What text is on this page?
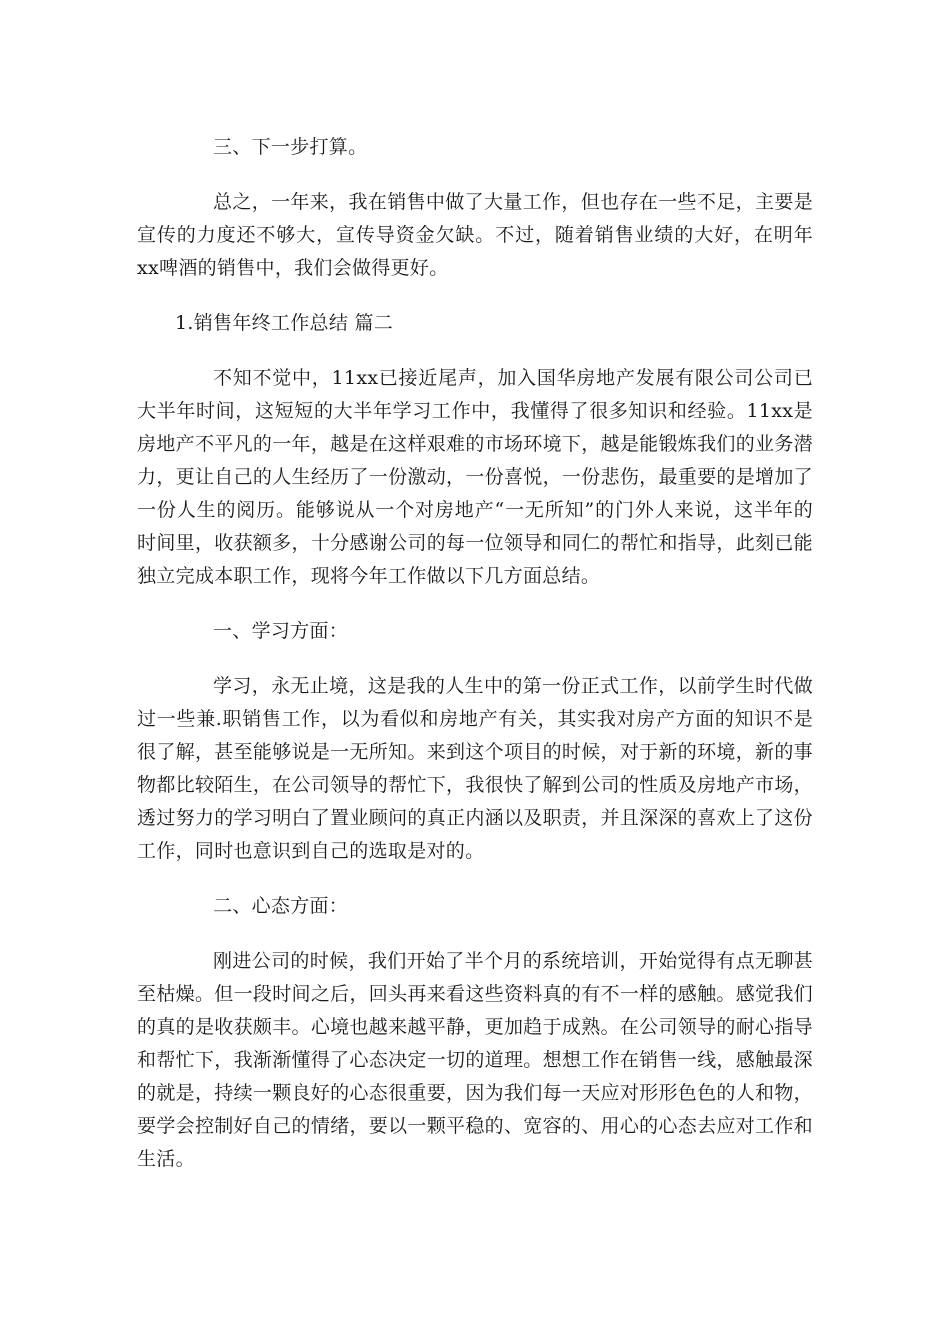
三、下一步打算。

总之，一年来，我在销售中做了大量工作，但也存在一些不足，主要是宣传的力度还不够大，宣传导资金欠缺。不过，随着销售业绩的大好，在明年xx啤酒的销售中，我们会做得更好。

1.销售年终工作总结 篇二

不知不觉中，11xx已接近尾声，加入国华房地产发展有限公司公司已大半年时间，这短短的大半年学习工作中，我懂得了很多知识和经验。11xx是房地产不平凡的一年，越是在这样艰难的市场环境下，越是能锻炼我们的业务潜力，更让自己的人生经历了一份激动，一份喜悦，一份悲伤，最重要的是增加了一份人生的阅历。能够说从一个对房地产“一无所知”的门外人来说，这半年的时间里，收获额多，十分感谢公司的每一位领导和同仁的帮忙和指导，此刻已能独立完成本职工作，现将今年工作做以下几方面总结。

一、学习方面：

学习，永无止境，这是我的人生中的第一份正式工作，以前学生时代做过一些兼.职销售工作，以为看似和房地产有关，其实我对房产方面的知识不是很了解，甚至能够说是一无所知。来到这个项目的时候，对于新的环境，新的事物都比较陌生，在公司领导的帮忙下，我很快了解到公司的性质及房地产市场，透过努力的学习明白了置业顾问的真正内涵以及职责，并且深深的喜欢上了这份工作，同时也意识到自己的选取是对的。

二、心态方面：

刚进公司的时候，我们开始了半个月的系统培训，开始觉得有点无聊甚至枯燥。但一段时间之后，回头再来看这些资料真的有不一样的感触。感觉我们的真的是收获颇丰。心境也越来越平静，更加趋于成熟。在公司领导的耐心指导和帮忙下，我渐渐懂得了心态决定一切的道理。想想工作在销售一线，感触最深的就是，持续一颗良好的心态很重要，因为我们每一天应对形形色色的人和物，要学会控制好自己的情绪，要以一颗平稳的、宽容的、用心的心态去应对工作和生活。
